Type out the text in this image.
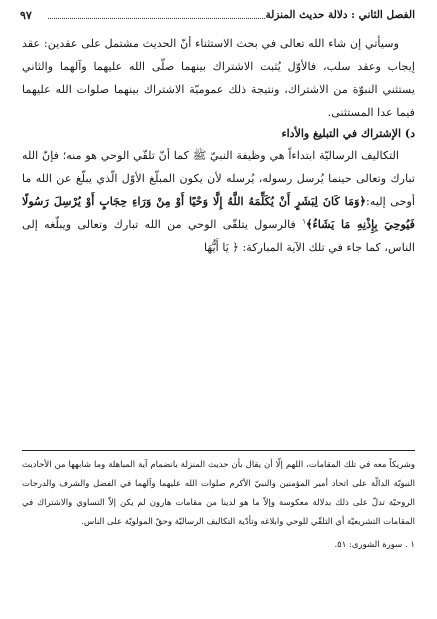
الفصل الثاني : دلالة حديث المنزلة
٩٧

وسيأتي إن شاء الله تعالى في بحث الاستثناء أنّ الحديث مشتمل على عقدين: عقد إيجاب وعقد سلب، فالأوّل يُثبت الاشتراك بينهما صلّى الله عليهما وآلهما والثاني يستثني النبوّة من الاشتراك، ونتيجة ذلك عموميّة الاشتراك بينهما صلوات الله عليهما فيما عدا المستثنى.

د) الإشتراك في التبليغ والأداء

التكاليف الرساليّة ابتداءاً هي وظيفة النبيّ ﷺ كما أنّ تلقّي الوحي هو منه؛ فإنّ الله تبارك وتعالى حينما يُرسل رسوله، يُرسله لأن يكون المبلّغ الأوّل الّذي يبلّغ عن الله ما أوحى إليه:﴿وَمَا كَانَ لِبَشَرٍ أَنْ يُكَلِّمَهُ اللَّهُ إِلَّا وَحْيًا أَوْ مِنْ وَرَاءِ حِجَابٍ أَوْ يُرْسِلَ رَسُولًا فَيُوحِيَ بِإِذْنِهِ مَا يَشَاءُ﴾$^١$ فالرسول يتلقّى الوحي من الله تبارك وتعالى ويبلّغه إلى الناس، كما جاء في تلك الآية المباركة: ﴿ يَا أَيُّهَا

وشريكاً معه في تلك المقامات، اللهم إلّا أن يقال بأن حديث المنزلة بانضمام آية المباهلة وما شابهها من الأحاديث النبويّة الدالّة على اتحاد أمير المؤمنين والنبيّ الأكرم صلوات الله عليهما وآلهما في الفضل والشرف والدرجات الروحيّة تدلّ على ذلك بدلالة معكوسة وإلاّ ما هو لدينا من مقامات هارون لم يكن إلاّ التساوي والاشتراك في المقامات التشريعيّة أي التلقّي للوحي وابلاغه وتأدّية التكاليف الرساليّة وحقّ المولويّة على الناس.

١ . سورة الشورى: ٥١.
